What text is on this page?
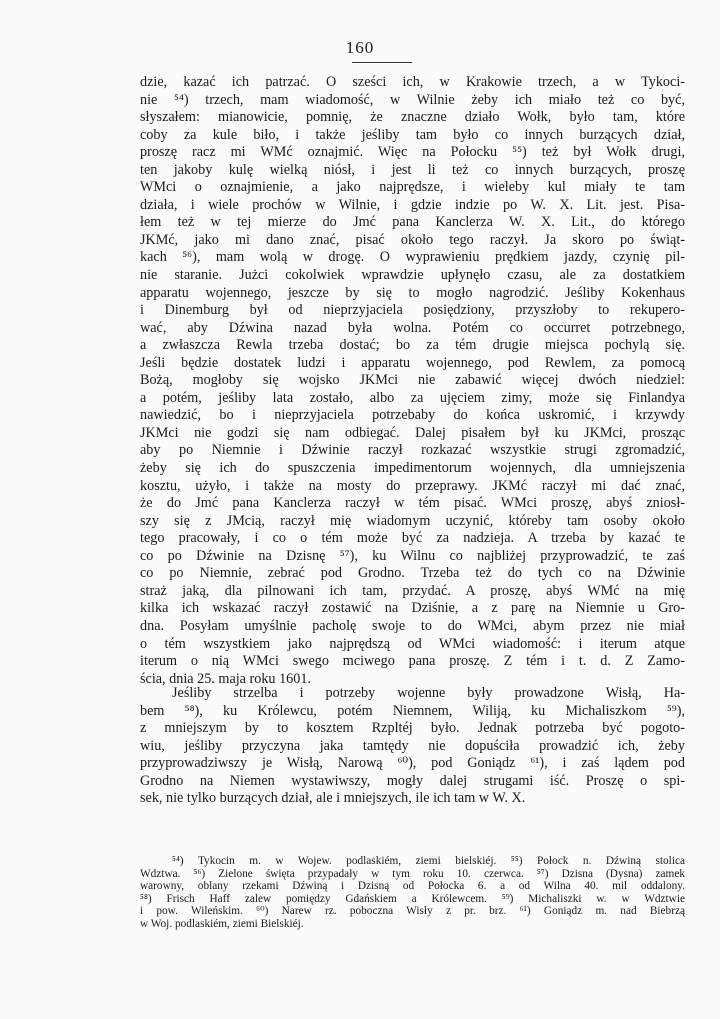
160
dzie, kazać ich patrzać. O sześci ich, w Krakowie trzech, a w Tykoci-
nie ⁵⁴) trzech, mam wiadomość, w Wilnie żeby ich miało też co być,
słyszałem: mianowicie, pomnię, że znaczne działo Wołk, było tam, które
coby za kule biło, i także jeśliby tam było co innych burzących dział,
proszę racz mi WMć oznajmić. Więc na Połocku ⁵⁵) też był Wołk drugi,
ten jakoby kulę wielką niósł, i jest li też co innych burzących, proszę
WMci o oznajmienie, a jako najprędsze, i wieleby kul miały te tam
działa, i wiele prochów w Wilnie, i gdzie indzie po W. X. Lit. jest. Pisa-
łem też w tej mierze do Jmć pana Kanclerza W. X. Lit., do którego
JKMć, jako mi dano znać, pisać około tego raczył. Ja skoro po świąt-
kach ⁵⁶), mam wolą w drogę. O wyprawieniu prędkiem jazdy, czynię pil-
nie staranie. Jużci cokolwiek wprawdzie upłynęło czasu, ale za dostatkiem
apparatu wojennego, jeszcze by się to mogło nagrodzić. Jeśliby Kokenhaus
i Dinemburg był od nieprzyjaciela posiędziony, przyszłoby to rekupero-
wać, aby Dźwina nazad była wolna. Potém co occurret potrzebnego,
a zwłaszcza Rewla trzeba dostać; bo za tém drugie miejsca pochylą się.
Jeśli będzie dostatek ludzi i apparatu wojennego, pod Rewlem, za pomocą
Bożą, mogłoby się wojsko JKMci nie zabawić więcej dwóch niedziel:
a potém, jeśliby lata zostało, albo za ujęciem zimy, może się Finlandya
nawiedzić, bo i nieprzyjaciela potrzebaby do końca uskromić, i krzywdy
JKMci nie godzi się nam odbiegać. Dalej pisałem był ku JKMci, prosząc
aby po Niemnie i Dźwinie raczył rozkazać wszystkie strugi zgromadzić,
żeby się ich do spuszczenia impedimentorum wojennych, dla umniejszenia
kosztu, użyło, i także na mosty do przeprawy. JKMć raczył mi dać znać,
że do Jmć pana Kanclerza raczył w tém pisać. WMci proszę, abyś zniosł-
szy się z JMcią, raczył mię wiadomym uczynić, któreby tam osoby około
tego pracowały, i co o tém może być za nadzieja. A trzeba by kazać te
co po Dźwinie na Dzisnę ⁵⁷), ku Wilnu co najbliżej przyprowadzić, te zaś
co po Niemnie, zebrać pod Grodno. Trzeba też do tych co na Dźwinie
straż jaką, dla pilnowani ich tam, przydać. A proszę, abyś WMć na mię
kilka ich wskazać raczył zostawić na Dziśnie, a z parę na Niemnie u Gro-
dna. Posyłam umyślnie pacholę swoje to do WMci, abym przez nie miał
o tém wszystkiem jako najprędszą od WMci wiadomość: i iterum atque
iterum o nią WMci swego mciwego pana proszę. Z tém i t. d. Z Zamo-
ścia, dnia 25. maja roku 1601.
Jeśliby strzelba i potrzeby wojenne były prowadzone Wisłą, Ha-
bem ⁵⁸), ku Królewcu, potém Niemnem, Wiliją, ku Michaliszkom ⁵⁹),
z mniejszym by to kosztem Rzpltéj było. Jednak potrzeba być pogoto-
wiu, jeśliby przyczyna jaka tamtędy nie dopuściła prowadzić ich, żeby
przyprowadziwszy je Wisłą, Narową ⁶⁰), pod Goniądz ⁶¹), i zaś lądem pod
Grodno na Niemen wystawiwszy, mogły dalej strugami iść. Proszę o spi-
sek, nie tylko burzących dział, ale i mniejszych, ile ich tam w W. X.
⁵⁴) Tykocin m. w Wojew. podlaskiém, ziemi bielskiéj. ⁵⁵) Połock n. Dźwiną stolica
Wdztwa. ⁵⁶) Zielone święta przypadały w tym roku 10. czerwca. ⁵⁷) Dzisna (Dysna) zamek
warowny, oblany rzekami Dźwiną i Dzisną od Połocka 6. a od Wilna 40. mil oddalony.
⁵⁸) Frisch Haff zalew pomiędzy Gdańskiem a Królewcem. ⁵⁹) Michaliszki w. w Wdztwie
i pow. Wileńskim. ⁶⁰) Narew rz. poboczna Wisły z pr. brz. ⁶¹) Goniądz m. nad Biebrzą
w Woj. podlaskiém, ziemi Bielskiéj.
